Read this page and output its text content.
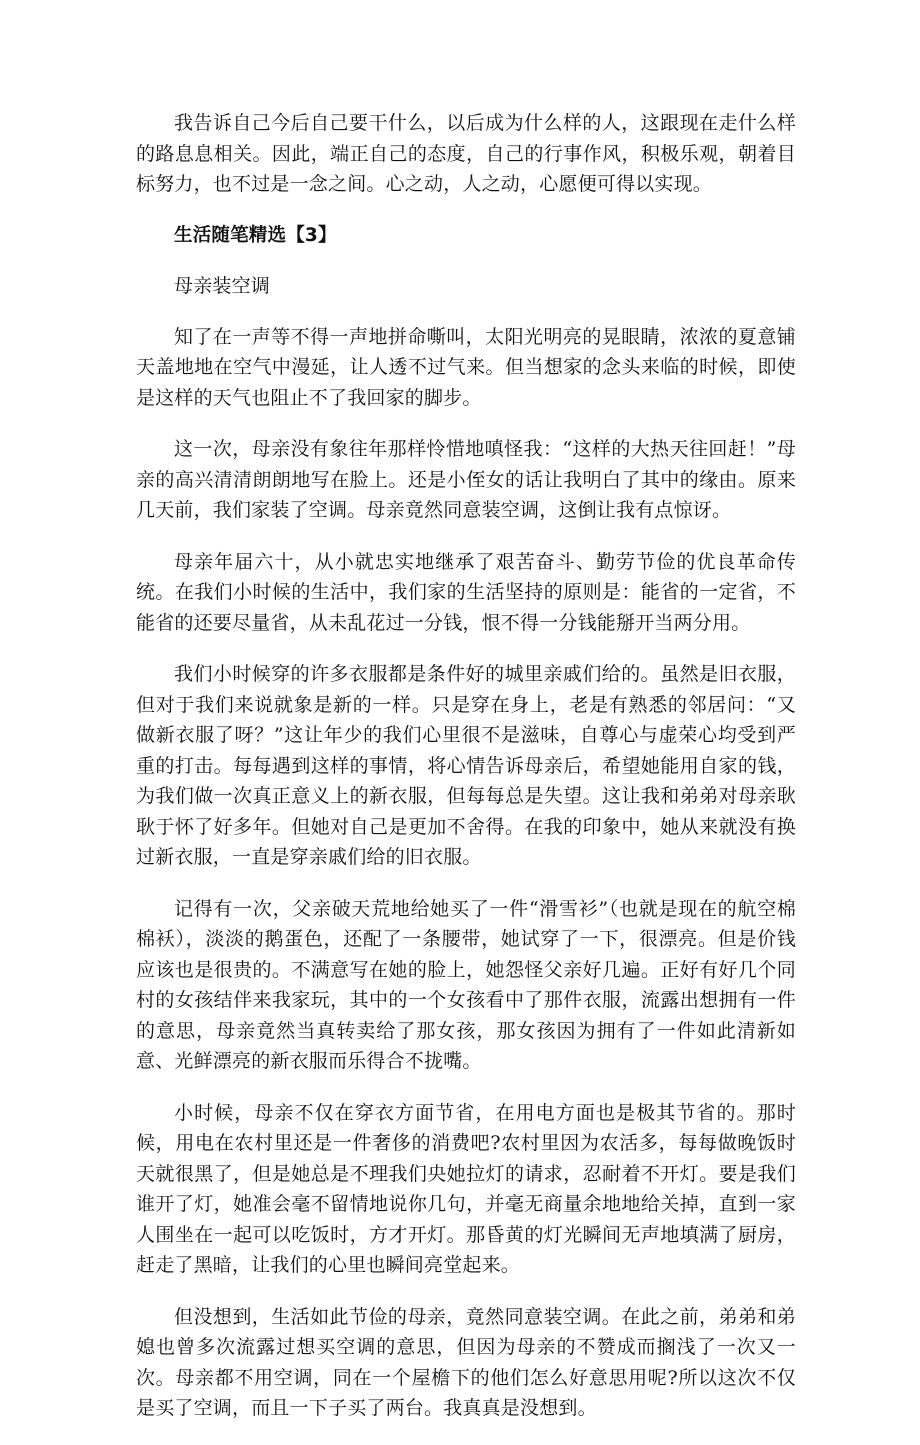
我告诉自己今后自己要干什么，以后成为什么样的人，这跟现在走什么样的路息息相关。因此，端正自己的态度，自己的行事作风，积极乐观，朝着目标努力，也不过是一念之间。心之动，人之动，心愿便可得以实现。

生活随笔精选【3】

母亲装空调

知了在一声等不得一声地拼命嘶叫，太阳光明亮的晃眼睛，浓浓的夏意铺天盖地地在空气中漫延，让人透不过气来。但当想家的念头来临的时候，即使是这样的天气也阻止不了我回家的脚步。

这一次，母亲没有象往年那样怜惜地嗔怪我：“这样的大热天往回赶！”母亲的高兴清清朗朗地写在脸上。还是小侄女的话让我明白了其中的缘由。原来几天前，我们家装了空调。母亲竟然同意装空调，这倒让我有点惊讶。

母亲年届六十，从小就忠实地继承了艰苦奋斗、勤劳节俭的优良革命传统。在我们小时候的生活中，我们家的生活坚持的原则是：能省的一定省，不能省的还要尽量省，从未乱花过一分钱，恨不得一分钱能掰开当两分用。

我们小时候穿的许多衣服都是条件好的城里亲戚们给的。虽然是旧衣服，但对于我们来说就象是新的一样。只是穿在身上，老是有熟悉的邻居问：“又做新衣服了呀？”这让年少的我们心里很不是滋味，自尊心与虚荣心均受到严重的打击。每每遇到这样的事情，将心情告诉母亲后，希望她能用自家的钱，为我们做一次真正意义上的新衣服，但每每总是失望。这让我和弟弟对母亲耿耿于怀了好多年。但她对自己是更加不舍得。在我的印象中，她从来就没有换过新衣服，一直是穿亲戚们给的旧衣服。

记得有一次，父亲破天荒地给她买了一件“滑雪衫”（也就是现在的航空棉棉袄），淡淡的鹅蛋色，还配了一条腰带，她试穿了一下，很漂亮。但是价钱应该也是很贵的。不满意写在她的脸上，她怨怪父亲好几遍。正好有好几个同村的女孩结伴来我家玩，其中的一个女孩看中了那件衣服，流露出想拥有一件的意思，母亲竟然当真转卖给了那女孩，那女孩因为拥有了一件如此清新如意、光鲜漂亮的新衣服而乐得合不拢嘴。

小时候，母亲不仅在穿衣方面节省，在用电方面也是极其节省的。那时候，用电在农村里还是一件奢侈的消费吧?农村里因为农活多，每每做晚饭时天就很黑了，但是她总是不理我们央她拉灯的请求，忍耐着不开灯。要是我们谁开了灯，她准会毫不留情地说你几句，并毫无商量余地地给关掉，直到一家人围坐在一起可以吃饭时，方才开灯。那昏黄的灯光瞬间无声地填满了厨房，赶走了黑暗，让我们的心里也瞬间亮堂起来。

但没想到，生活如此节俭的母亲，竟然同意装空调。在此之前，弟弟和弟媳也曾多次流露过想买空调的意思，但因为母亲的不赞成而搁浅了一次又一次。母亲都不用空调，同在一个屋檐下的他们怎么好意思用呢?所以这次不仅是买了空调，而且一下子买了两台。我真真是没想到。
